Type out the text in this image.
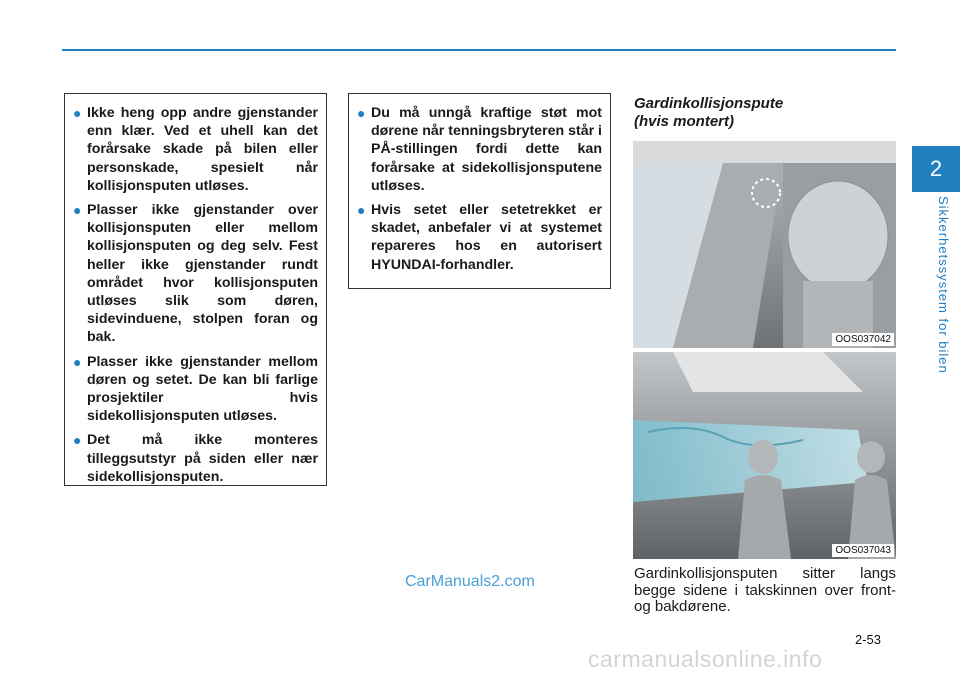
2
Sikkerhetssystem for bilen
● Ikke heng opp andre gjenstander enn klær. Ved et uhell kan det forårsake skade på bilen eller personskade, spesielt når kollisjonsputen utløses.
● Plasser ikke gjenstander over kollisjonsputen eller mellom kollisjonsputen og deg selv. Fest heller ikke gjenstander rundt området hvor kollisjonsputen utløses slik som døren, sidevinduene, stolpen foran og bak.
● Plasser ikke gjenstander mellom døren og setet. De kan bli farlige prosjektiler hvis sidekollisjonsputen utløses.
● Det må ikke monteres tilleggsutstyr på siden eller nær sidekollisjonsputen.
● Du må unngå kraftige støt mot dørene når tenningsbryteren står i PÅ-stillingen fordi dette kan forårsake at sidekollisjonsputene utløses.
● Hvis setet eller setetrekket er skadet, anbefaler vi at systemet repareres hos en autorisert HYUNDAI-forhandler.
Gardinkollisjonspute
(hvis montert)
OOS037042
OOS037043
Gardinkollisjonsputen sitter langs begge sidene i takskinnen over front- og bakdørene.
CarManuals2.com
2-53
carmanualsonline.info
